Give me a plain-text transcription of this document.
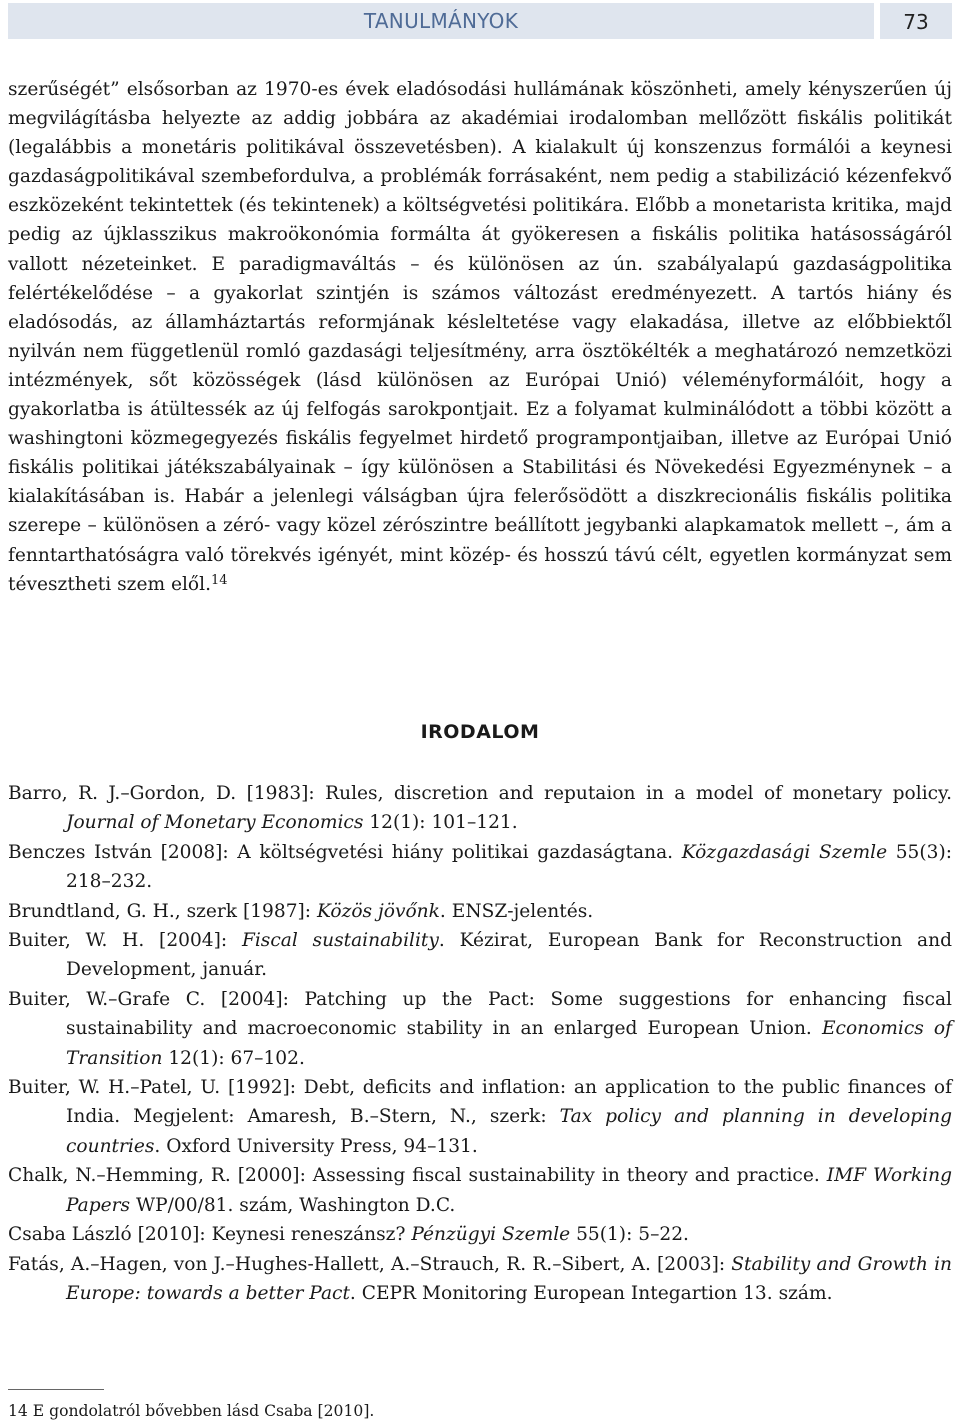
TANULMÁNYOK	73

szerűségét” elsősorban az 1970-es évek eladósodási hullámának köszönheti, amely kényszerűen új megvilágításba helyezte az addig jobbára az akadémiai irodalomban mellőzött fiskális politikát (legalábbis a monetáris politikával összevetésben). A kialakult új konszenzus formálói a keynesi gazdaságpolitikával szembefordulva, a problémák forrásaként, nem pedig a stabilizáció kézenfekvő eszközeként tekintettek (és tekintenek) a költségvetési politikára. Előbb a monetarista kritika, majd pedig az újklasszikus makroökonómia formálta át gyökeresen a fiskális politika hatásosságáról vallott nézeteinket. E paradigmaváltás – és különösen az ún. szabályalapú gazdaságpolitika felértékelődése – a gyakorlat szintjén is számos változást eredményezett. A tartós hiány és eladósodás, az államháztartás reformjának késleltetése vagy elakadása, illetve az előbbiektől nyilván nem függetlenül romló gazdasági teljesítmény, arra ösztökélték a meghatározó nemzetközi intézmények, sőt közösségek (lásd különösen az Európai Unió) véleményformálóit, hogy a gyakorlatba is átültessék az új felfogás sarokpontjait. Ez a folyamat kulminálódott a többi között a washingtoni közmegegyezés fiskális fegyelmet hirdető programpontjaiban, illetve az Európai Unió fiskális politikai játékszabályainak – így különösen a Stabilitási és Növekedési Egyezménynek – a kialakításában is. Habár a jelenlegi válságban újra felerősödött a diszkrecionális fiskális politika szerepe – különösen a zéró- vagy közel zérószintre beállított jegybanki alapkamatok mellett –, ám a fenntarthatóságra való törekvés igényét, mint közép- és hosszú távú célt, egyetlen kormányzat sem tévesztheti szem elől.$^{14}$

IRODALOM

Barro, R. J.–Gordon, D. [1983]: Rules, discretion and reputaion in a model of monetary policy. Journal of Monetary Economics 12(1): 101–121.

Benczes István [2008]: A költségvetési hiány politikai gazdaságtana. Közgazdasági Szemle 55(3): 218–232.

Brundtland, G. H., szerk [1987]: Közös jövőnk. ENSZ-jelentés.

Buiter, W. H. [2004]: Fiscal sustainability. Kézirat, European Bank for Reconstruction and Development, január.

Buiter, W.–Grafe C. [2004]: Patching up the Pact: Some suggestions for enhancing fiscal sustainability and macroeconomic stability in an enlarged European Union. Economics of Transition 12(1): 67–102.

Buiter, W. H.–Patel, U. [1992]: Debt, deficits and inflation: an application to the public finances of India. Megjelent: Amaresh, B.–Stern, N., szerk: Tax policy and planning in developing countries. Oxford University Press, 94–131.

Chalk, N.–Hemming, R. [2000]: Assessing fiscal sustainability in theory and practice. IMF Working Papers WP/00/81. szám, Washington D.C.

Csaba László [2010]: Keynesi reneszánsz? Pénzügyi Szemle 55(1): 5–22.

Fatás, A.–Hagen, von J.–Hughes-Hallett, A.–Strauch, R. R.–Sibert, A. [2003]: Stability and Growth in Europe: towards a better Pact. CEPR Monitoring European Integartion 13. szám.

14 E gondolatról bővebben lásd Csaba [2010].
